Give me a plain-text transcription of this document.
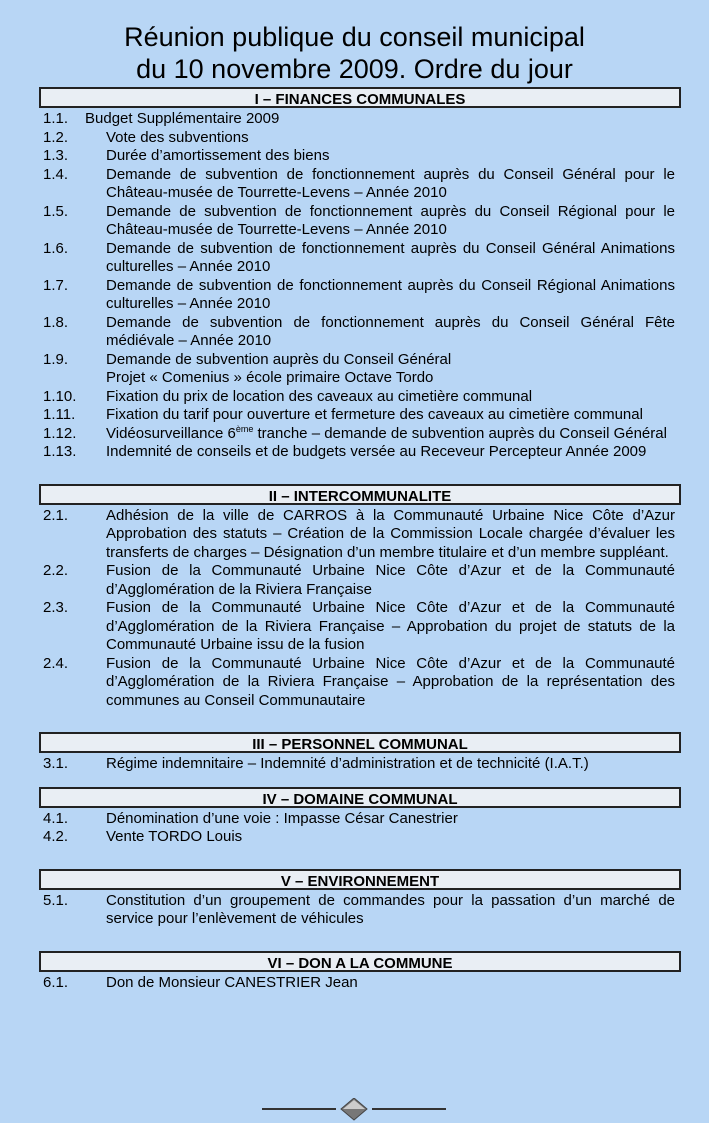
Réunion publique du conseil municipal
du 10 novembre 2009. Ordre du jour
I – FINANCES COMMUNALES
1.1.	Budget Supplémentaire 2009
1.2.	Vote des subventions
1.3.	Durée d’amortissement des biens
1.4.	Demande de subvention de fonctionnement auprès du Conseil Général pour le Château-musée de Tourrette-Levens – Année 2010
1.5.	Demande de subvention de fonctionnement auprès du Conseil Régional pour le Château-musée de Tourrette-Levens – Année 2010
1.6.	Demande de subvention de fonctionnement auprès du Conseil Général Animations culturelles – Année 2010
1.7.	Demande de subvention de fonctionnement auprès du Conseil Régional Animations culturelles – Année 2010
1.8.	Demande de subvention de fonctionnement auprès du Conseil Général Fête médiévale – Année 2010
1.9.	Demande de subvention auprès du Conseil Général

Projet « Comenius » école primaire Octave Tordo

1.10.	Fixation du prix de location des caveaux au cimetière communal
1.11.	Fixation du tarif pour ouverture et fermeture des caveaux au cimetière communal
1.12.	Vidéosurveillance 6ème tranche – demande de subvention auprès du Conseil Général
1.13.	Indemnité de conseils et de budgets versée au Receveur Percepteur Année 2009
II – INTERCOMMUNALITE
2.1.	Adhésion de la ville de CARROS à la Communauté Urbaine Nice Côte d’Azur Approbation des statuts – Création de la Commission Locale chargée d’évaluer les transferts de charges – Désignation d’un membre titulaire et d’un membre suppléant.
2.2.	Fusion de la Communauté Urbaine Nice Côte d’Azur et de la Communauté d’Agglomération de la Riviera Française
2.3.	Fusion de la Communauté Urbaine Nice Côte d’Azur et de la Communauté d’Agglomération de la Riviera Française – Approbation du projet de statuts de la Communauté Urbaine issu de la fusion
2.4.	Fusion de la Communauté Urbaine Nice Côte d’Azur et de la Communauté d’Agglomération de la Riviera Française – Approbation de la représentation des communes au Conseil Communautaire
III – PERSONNEL COMMUNAL
3.1.	Régime indemnitaire – Indemnité d’administration et de technicité (I.A.T.)
IV – DOMAINE COMMUNAL
4.1.	Dénomination d’une voie : Impasse César Canestrier
4.2.	Vente TORDO Louis
V – ENVIRONNEMENT
5.1.	Constitution d’un groupement de commandes pour la passation d’un marché de service pour l’enlèvement de véhicules
VI – DON A LA COMMUNE
6.1.	Don de Monsieur CANESTRIER Jean
